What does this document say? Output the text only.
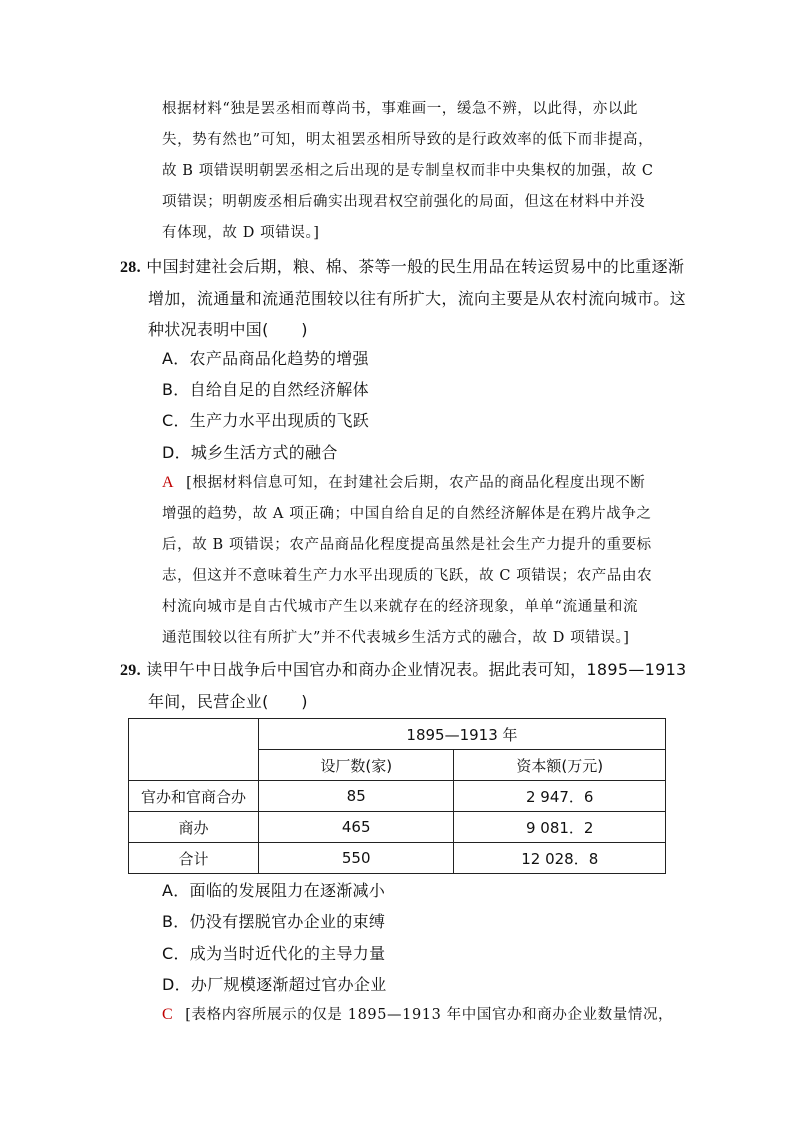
根据材料“独是罢丞相而尊尚书，事难画一，缓急不辨，以此得，亦以此
失，势有然也”可知，明太祖罢丞相所导致的是行政效率的低下而非提高，
故 B 项错误明朝罢丞相之后出现的是专制皇权而非中央集权的加强，故 C
项错误；明朝废丞相后确实出现君权空前强化的局面，但这在材料中并没
有体现，故 D 项错误。]
28. 中国封建社会后期，粮、棉、茶等一般的民生用品在转运贸易中的比重逐渐
增加，流通量和流通范围较以往有所扩大，流向主要是从农村流向城市。这
种状况表明中国(　　)
A．农产品商品化趋势的增强
B．自给自足的自然经济解体
C．生产力水平出现质的飞跃
D．城乡生活方式的融合
A [根据材料信息可知，在封建社会后期，农产品的商品化程度出现不断
增强的趋势，故 A 项正确；中国自给自足的自然经济解体是在鸦片战争之
后，故 B 项错误；农产品商品化程度提高虽然是社会生产力提升的重要标
志，但这并不意味着生产力水平出现质的飞跃，故 C 项错误；农产品由农
村流向城市是自古代城市产生以来就存在的经济现象，单单“流通量和流
通范围较以往有所扩大”并不代表城乡生活方式的融合，故 D 项错误。]
29. 读甲午中日战争后中国官办和商办企业情况表。据此表可知，1895—1913
年间，民营企业(　　)
	1895—1913 年	
	设厂数(家)	资本额(万元)
官办和官商合办	85	2 947．6
商办	465	9 081．2
合计	550	12 028．8
A．面临的发展阻力在逐渐减小
B．仍没有摆脱官办企业的束缚
C．成为当时近代化的主导力量
D．办厂规模逐渐超过官办企业
C [表格内容所展示的仅是 1895—1913 年中国官办和商办企业数量情况，
